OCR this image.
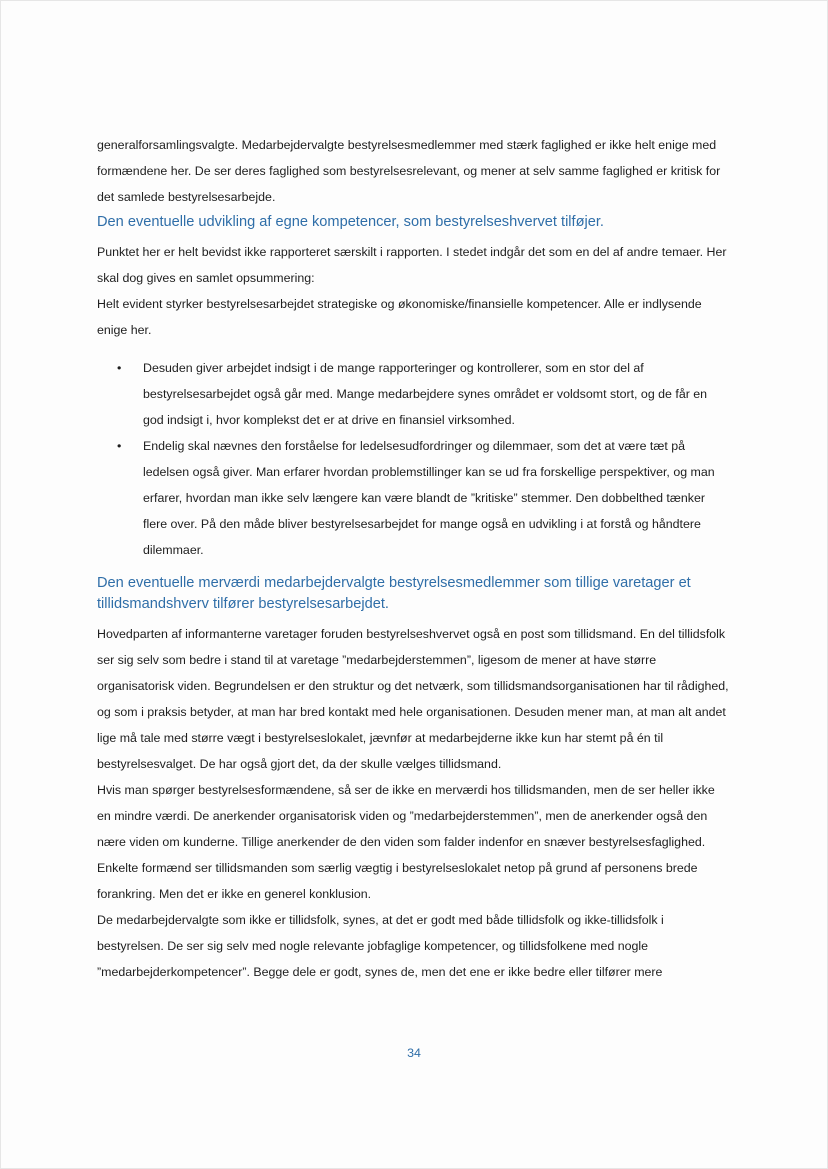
generalforsamlingsvalgte. Medarbejdervalgte bestyrelsesmedlemmer med stærk faglighed er ikke helt enige med formændene her. De ser deres faglighed som bestyrelsesrelevant, og mener at selv samme faglighed er kritisk for det samlede bestyrelsesarbejde.

Den eventuelle udvikling af egne kompetencer, som bestyrelseshvervet tilføjer.

Punktet her er helt bevidst ikke rapporteret særskilt i rapporten. I stedet indgår det som en del af andre temaer. Her skal dog gives en samlet opsummering:

Helt evident styrker bestyrelsesarbejdet strategiske og økonomiske/finansielle kompetencer. Alle er indlysende enige her.

• Desuden giver arbejdet indsigt i de mange rapporteringer og kontrollerer, som en stor del af bestyrelsesarbejdet også går med. Mange medarbejdere synes området er voldsomt stort, og de får en god indsigt i, hvor komplekst det er at drive en finansiel virksomhed.
• Endelig skal nævnes den forståelse for ledelsesudfordringer og dilemmaer, som det at være tæt på ledelsen også giver. Man erfarer hvordan problemstillinger kan se ud fra forskellige perspektiver, og man erfarer, hvordan man ikke selv længere kan være blandt de ”kritiske” stemmer. Den dobbelthed tænker flere over. På den måde bliver bestyrelsesarbejdet for mange også en udvikling i at forstå og håndtere dilemmaer.
Den eventuelle merværdi medarbejdervalgte bestyrelsesmedlemmer som tillige varetager et tillidsmandshverv tilfører bestyrelsesarbejdet.

Hovedparten af informanterne varetager foruden bestyrelseshvervet også en post som tillidsmand. En del tillidsfolk ser sig selv som bedre i stand til at varetage ”medarbejderstemmen”, ligesom de mener at have større organisatorisk viden. Begrundelsen er den struktur og det netværk, som tillidsmandsorganisationen har til rådighed, og som i praksis betyder, at man har bred kontakt med hele organisationen. Desuden mener man, at man alt andet lige må tale med større vægt i bestyrelseslokalet, jævnfør at medarbejderne ikke kun har stemt på én til bestyrelsesvalget. De har også gjort det, da der skulle vælges tillidsmand.

Hvis man spørger bestyrelsesformændene, så ser de ikke en merværdi hos tillidsmanden, men de ser heller ikke en mindre værdi. De anerkender organisatorisk viden og ”medarbejderstemmen”, men de anerkender også den nære viden om kunderne. Tillige anerkender de den viden som falder indenfor en snæver bestyrelsesfaglighed. Enkelte formænd ser tillidsmanden som særlig vægtig i bestyrelseslokalet netop på grund af personens brede forankring. Men det er ikke en generel konklusion.

De medarbejdervalgte som ikke er tillidsfolk, synes, at det er godt med både tillidsfolk og ikke-tillidsfolk i bestyrelsen. De ser sig selv med nogle relevante jobfaglige kompetencer, og tillidsfolkene med nogle ”medarbejderkompetencer”. Begge dele er godt, synes de, men det ene er ikke bedre eller tilfører mere

34
